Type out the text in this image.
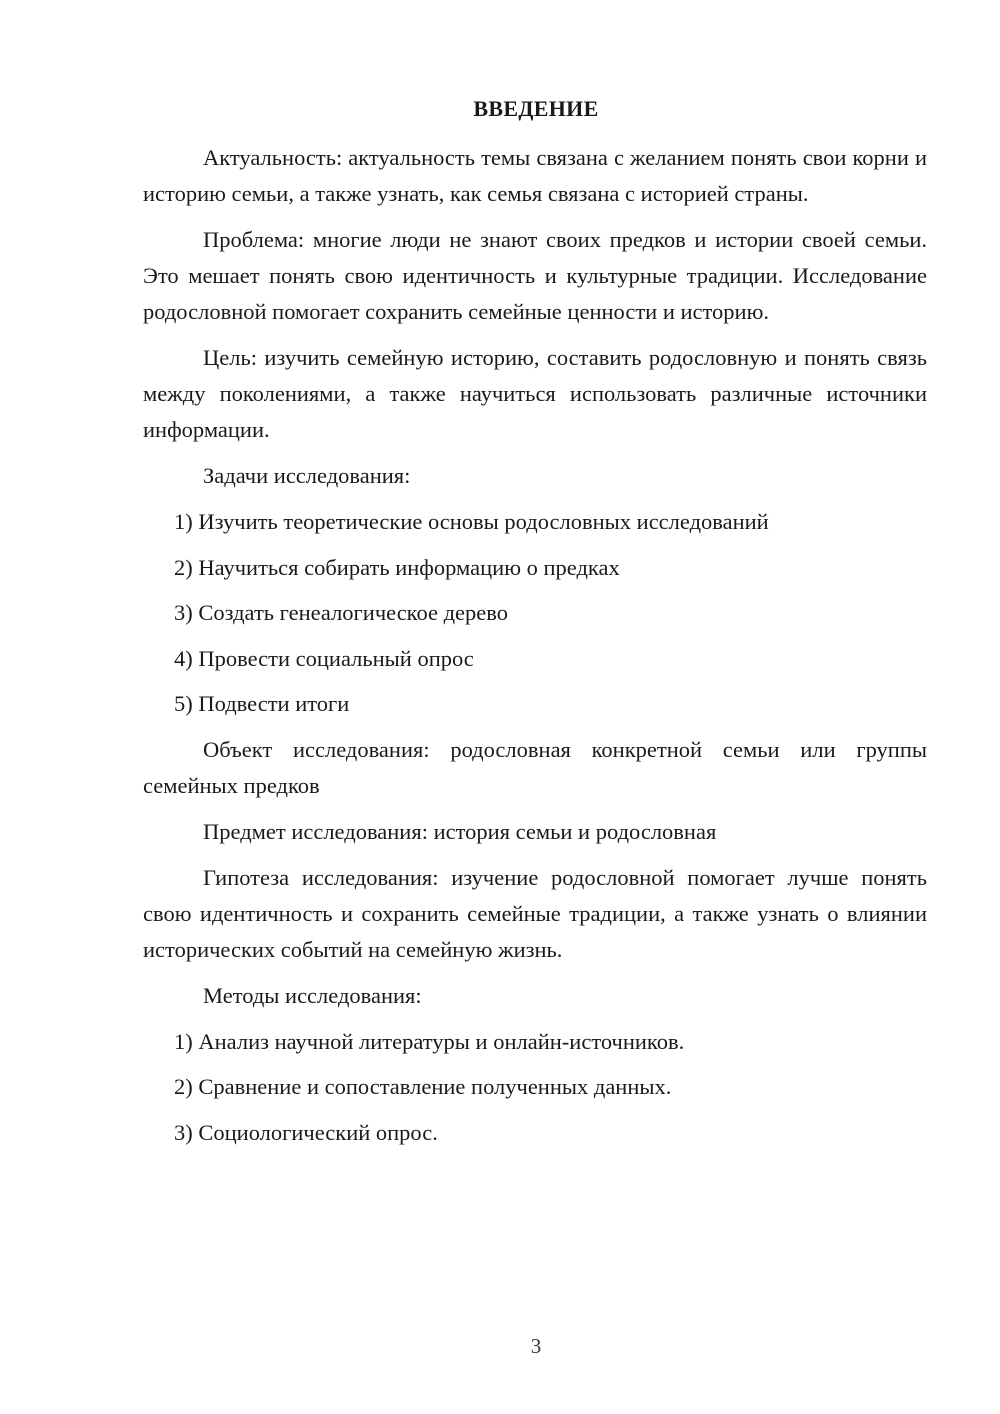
ВВЕДЕНИЕ

Актуальность: актуальность темы связана с желанием понять свои корни и историю семьи, а также узнать, как семья связана с историей страны.

Проблема: многие люди не знают своих предков и истории своей семьи. Это мешает понять свою идентичность и культурные традиции. Исследование родословной помогает сохранить семейные ценности и историю.

Цель: изучить семейную историю, составить родословную и понять связь между поколениями, а также научиться использовать различные источники информации.

Задачи исследования:

1) Изучить теоретические основы родословных исследований
2) Научиться собирать информацию о предках
3) Создать генеалогическое дерево
4) Провести социальный опрос
5) Подвести итоги

Объект исследования: родословная конкретной семьи или группы семейных предков

Предмет исследования: история семьи и родословная

Гипотеза исследования: изучение родословной помогает лучше понять свою идентичность и сохранить семейные традиции, а также узнать о влиянии исторических событий на семейную жизнь.

Методы исследования:

1) Анализ научной литературы и онлайн-источников.
2) Сравнение и сопоставление полученных данных.
3) Социологический опрос.
3
